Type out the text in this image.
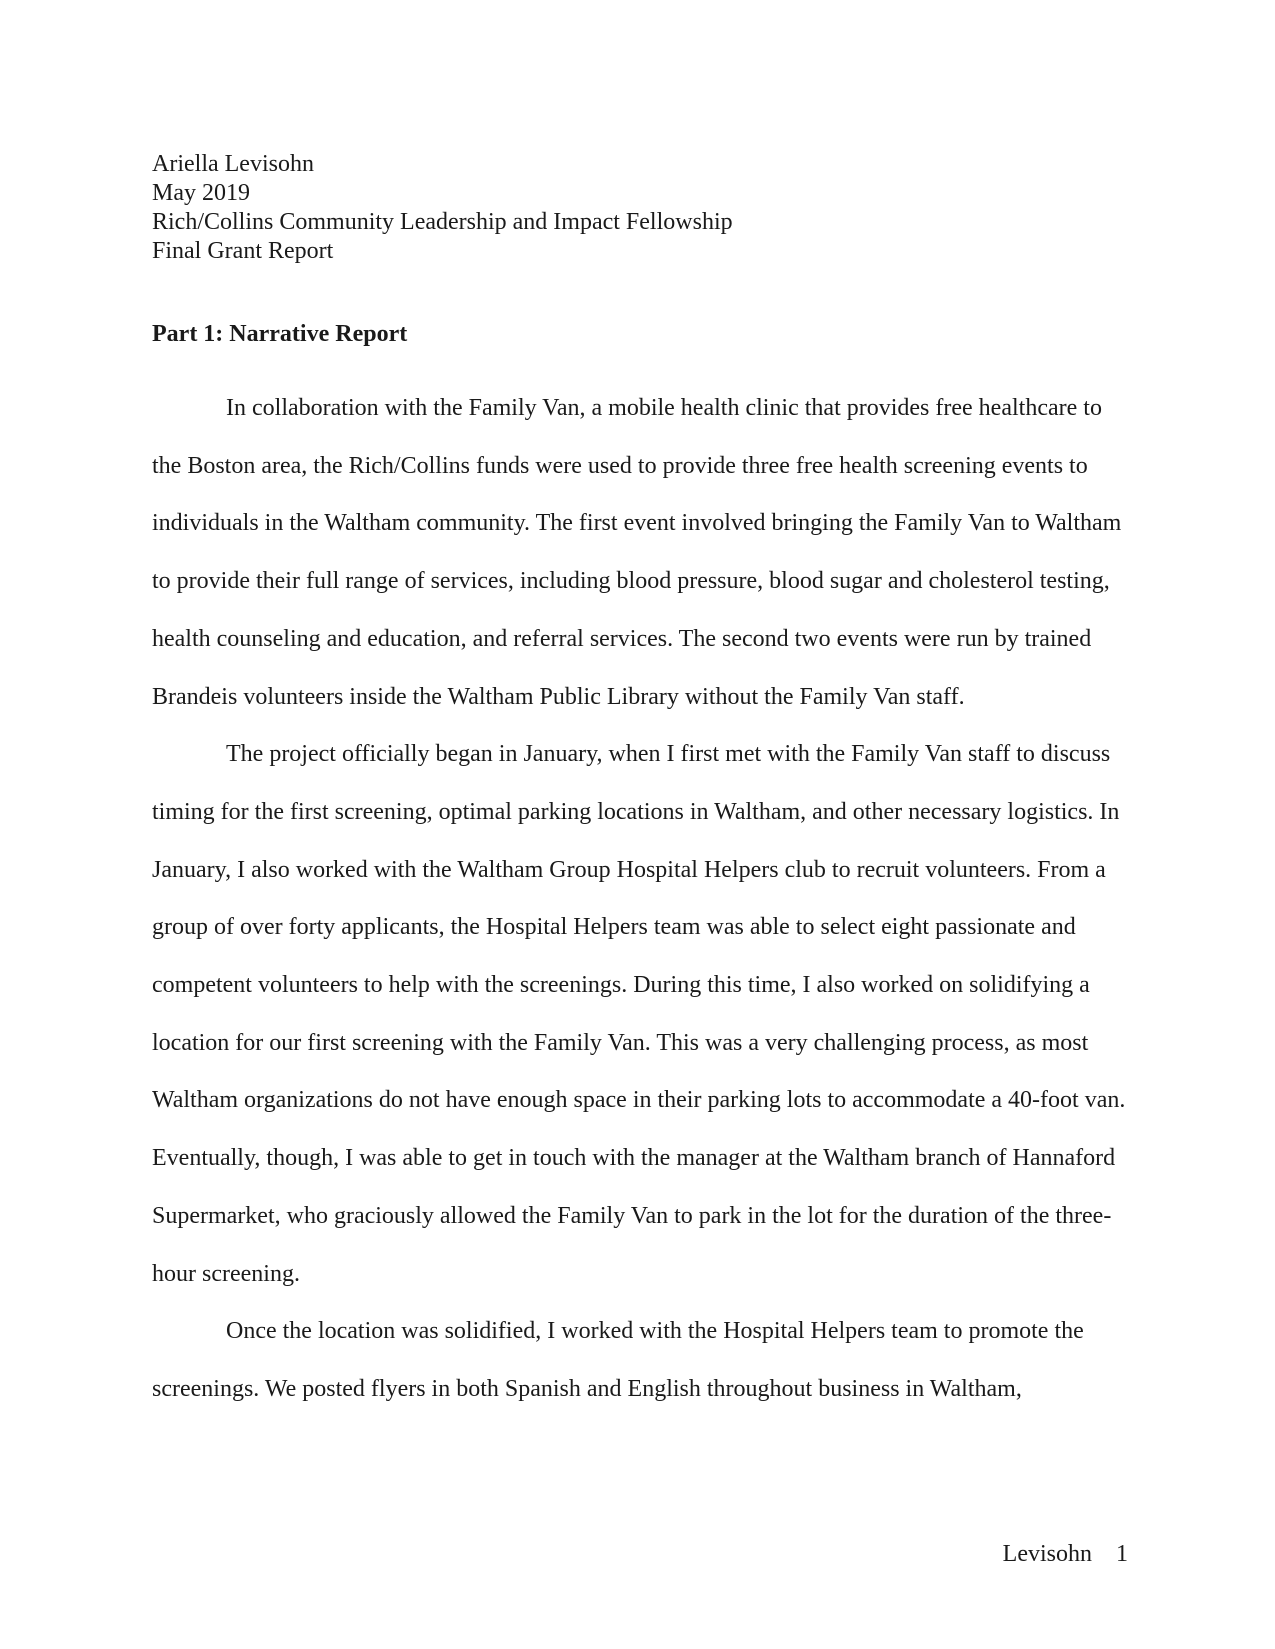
Ariella Levisohn
May 2019
Rich/Collins Community Leadership and Impact Fellowship
Final Grant Report
Part 1: Narrative Report

In collaboration with the Family Van, a mobile health clinic that provides free healthcare to the Boston area, the Rich/Collins funds were used to provide three free health screening events to individuals in the Waltham community. The first event involved bringing the Family Van to Waltham to provide their full range of services, including blood pressure, blood sugar and cholesterol testing, health counseling and education, and referral services. The second two events were run by trained Brandeis volunteers inside the Waltham Public Library without the Family Van staff.

The project officially began in January, when I first met with the Family Van staff to discuss timing for the first screening, optimal parking locations in Waltham, and other necessary logistics. In January, I also worked with the Waltham Group Hospital Helpers club to recruit volunteers. From a group of over forty applicants, the Hospital Helpers team was able to select eight passionate and competent volunteers to help with the screenings. During this time, I also worked on solidifying a location for our first screening with the Family Van. This was a very challenging process, as most Waltham organizations do not have enough space in their parking lots to accommodate a 40-foot van. Eventually, though, I was able to get in touch with the manager at the Waltham branch of Hannaford Supermarket, who graciously allowed the Family Van to park in the lot for the duration of the three-hour screening.

Once the location was solidified, I worked with the Hospital Helpers team to promote the screenings. We posted flyers in both Spanish and English throughout business in Waltham,

Levisohn 1
